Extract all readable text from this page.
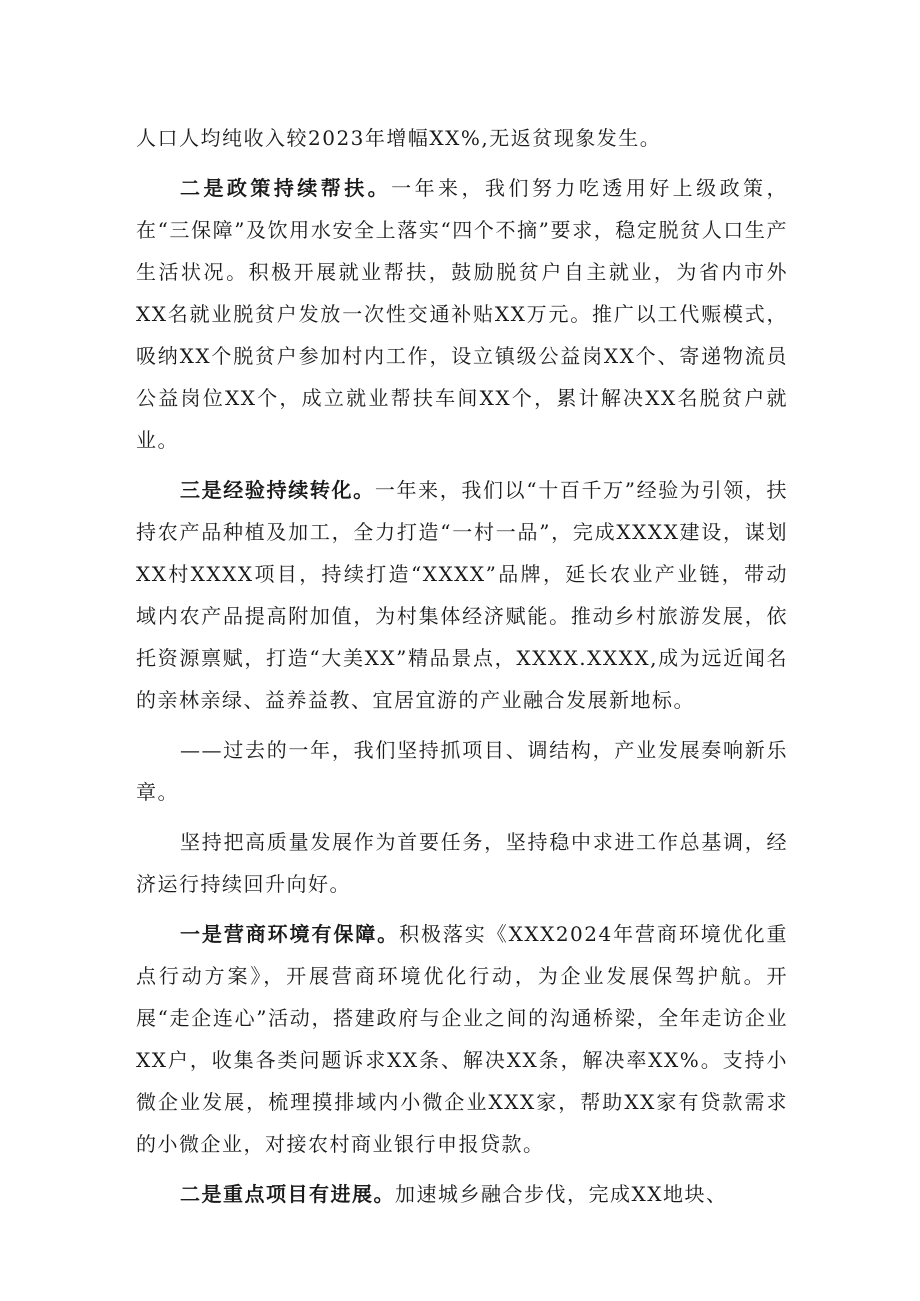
人口人均纯收入较2023年增幅XX%,无返贫现象发生。

二是政策持续帮扶。一年来，我们努力吃透用好上级政策，在“三保障”及饮用水安全上落实“四个不摘”要求，稳定脱贫人口生产生活状况。积极开展就业帮扶，鼓励脱贫户自主就业，为省内市外XX名就业脱贫户发放一次性交通补贴XX万元。推广以工代赈模式，吸纳XX个脱贫户参加村内工作，设立镇级公益岗XX个、寄递物流员公益岗位XX个，成立就业帮扶车间XX个，累计解决XX名脱贫户就业。

三是经验持续转化。一年来，我们以“十百千万”经验为引领，扶持农产品种植及加工，全力打造“一村一品”，完成XXXX建设，谋划XX村XXXX项目，持续打造“XXXX”品牌，延长农业产业链，带动域内农产品提高附加值，为村集体经济赋能。推动乡村旅游发展，依托资源禀赋，打造“大美XX”精品景点，XXXX.XXXX,成为远近闻名的亲林亲绿、益养益教、宜居宜游的产业融合发展新地标。

——过去的一年，我们坚持抓项目、调结构，产业发展奏响新乐章。

坚持把高质量发展作为首要任务，坚持稳中求进工作总基调，经济运行持续回升向好。

一是营商环境有保障。积极落实《XXX2024年营商环境优化重点行动方案》，开展营商环境优化行动，为企业发展保驾护航。开展“走企连心”活动，搭建政府与企业之间的沟通桥梁，全年走访企业XX户，收集各类问题诉求XX条、解决XX条，解决率XX%。支持小微企业发展，梳理摸排域内小微企业XXX家，帮助XX家有贷款需求的小微企业，对接农村商业银行申报贷款。

二是重点项目有进展。加速城乡融合步伐，完成XX地块、
